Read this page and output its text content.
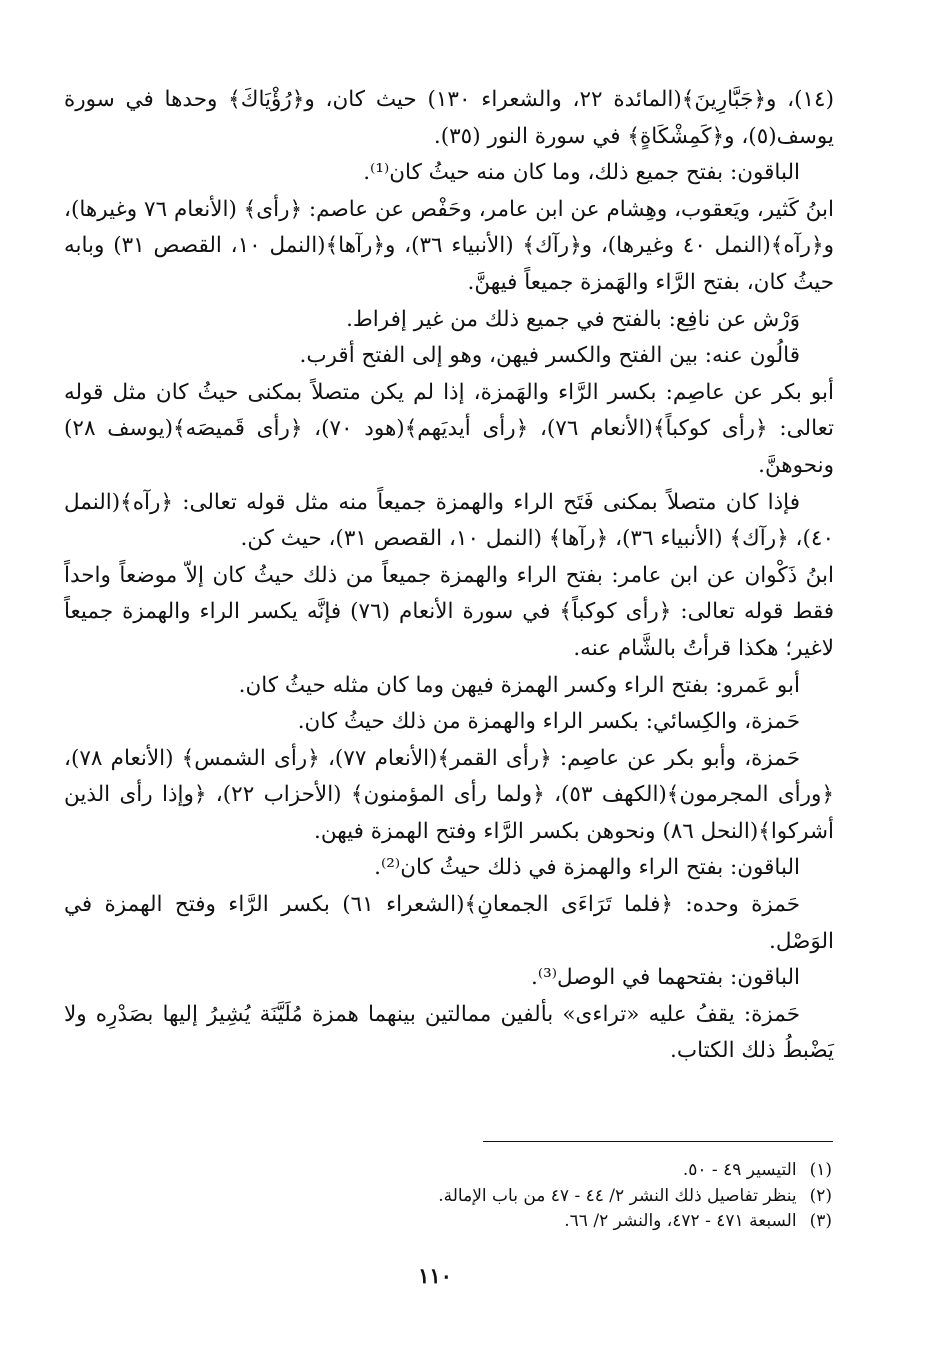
(١٤)، و﴿جَبَّارِينَ﴾(المائدة ٢٢، والشعراء ١٣٠) حيث كان، و﴿رُؤْيَاكَ﴾ وحدها في سورة يوسف(٥)، و﴿كَمِشْكَاةٍ﴾ في سورة النور (٣٥).

الباقون: بفتح جميع ذلك، وما كان منه حيثُ كان⁽¹⁾.

ابنُ كَثير، ويَعقوب، وهِشام عن ابن عامر، وحَفْص عن عاصم: ﴿رأى﴾ (الأنعام ٧٦ وغيرها)، و﴿رآه﴾(النمل ٤٠ وغيرها)، و﴿رآك﴾ (الأنبياء ٣٦)، و﴿رآها﴾(النمل ١٠، القصص ٣١) وبابه حيثُ كان، بفتح الرَّاء والهَمزة جميعاً فيهنَّ.

وَرْش عن نافِع: بالفتح في جميع ذلك من غير إفراط.

قالُون عنه: بين الفتح والكسر فيهن، وهو إلى الفتح أقرب.

أبو بكر عن عاصِم: بكسر الرَّاء والهَمزة، إذا لم يكن متصلاً بمكنى حيثُ كان مثل قوله تعالى: ﴿رأى كوكباً﴾(الأنعام ٧٦)، ﴿رأى أيديَهم﴾(هود ٧٠)، ﴿رأى قَميصَه﴾(يوسف ٢٨) ونحوهنَّ.

فإذا كان متصلاً بمكنى فَتَح الراء والهمزة جميعاً منه مثل قوله تعالى: ﴿رآه﴾(النمل ٤٠)، ﴿رآك﴾ (الأنبياء ٣٦)، ﴿رآها﴾ (النمل ١٠، القصص ٣١)، حيث كن.

ابنُ ذَكْوان عن ابن عامر: بفتح الراء والهمزة جميعاً من ذلك حيثُ كان إلاّ موضعاً واحداً فقط قوله تعالى: ﴿رأى كوكباً﴾ في سورة الأنعام (٧٦) فإنَّه يكسر الراء والهمزة جميعاً لاغير؛ هكذا قرأتُ بالشَّام عنه.

أبو عَمرو: بفتح الراء وكسر الهمزة فيهن وما كان مثله حيثُ كان.

حَمزة، والكِسائي: بكسر الراء والهمزة من ذلك حيثُ كان.

حَمزة، وأبو بكر عن عاصِم: ﴿رأى القمر﴾(الأنعام ٧٧)، ﴿رأى الشمس﴾ (الأنعام ٧٨)، ﴿ورأى المجرمون﴾(الكهف ٥٣)، ﴿ولما رأى المؤمنون﴾ (الأحزاب ٢٢)، ﴿وإذا رأى الذين أشركوا﴾(النحل ٨٦) ونحوهن بكسر الرَّاء وفتح الهمزة فيهن.

الباقون: بفتح الراء والهمزة في ذلك حيثُ كان⁽²⁾.

حَمزة وحده: ﴿فلما تَرَاءَى الجمعانِ﴾(الشعراء ٦١) بكسر الرَّاء وفتح الهمزة في الوَصْل.

الباقون: بفتحهما في الوصل⁽³⁾.

حَمزة: يقفُ عليه «تراءى» بألفين ممالتين بينهما همزة مُلَيَّنَة يُشِيرُ إليها بصَدْرِه ولا يَضْبطُ ذلك الكتاب.

(١) التيسير ٤٩ - ٥٠.
(٢) ينظر تفاصيل ذلك النشر ٢/ ٤٤ - ٤٧ من باب الإمالة.
(٣) السبعة ٤٧١ - ٤٧٢، والنشر ٢/ ٦٦.
١١٠
